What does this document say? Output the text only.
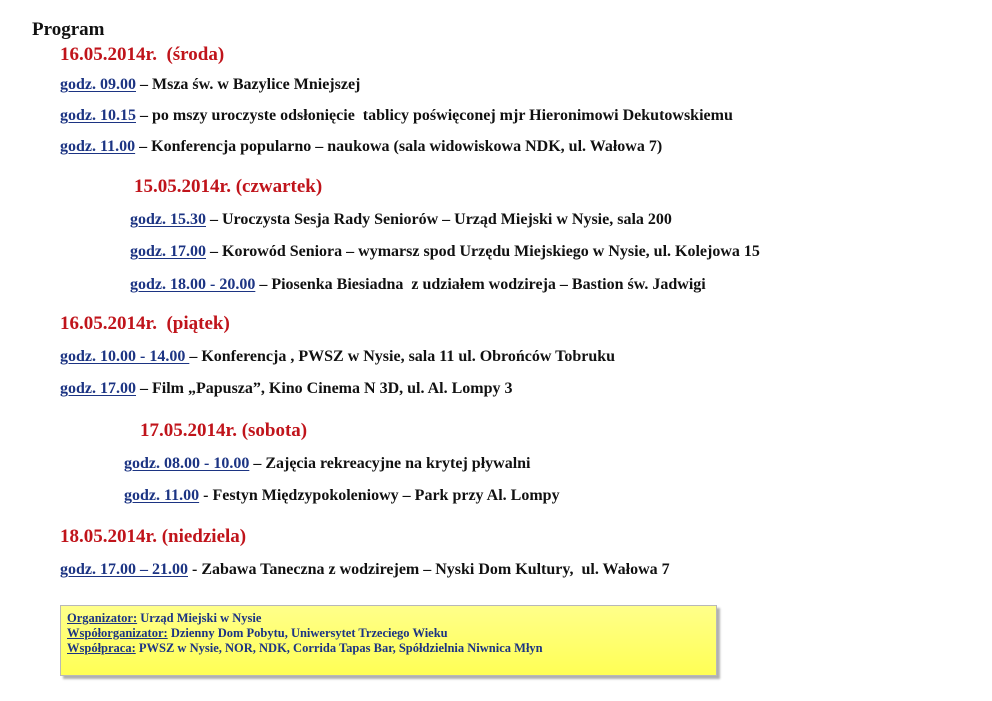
Program
16.05.2014r.  (środa)
godz. 09.00 – Msza św. w Bazylice Mniejszej
godz. 10.15 – po mszy uroczyste odsłonięcie  tablicy poświęconej mjr Hieronimowi Dekutowskiemu
godz. 11.00 – Konferencja popularno – naukowa (sala widowiskowa NDK, ul. Wałowa 7)
15.05.2014r. (czwartek)
godz. 15.30 – Uroczysta Sesja Rady Seniorów – Urząd Miejski w Nysie, sala 200
godz. 17.00 – Korowód Seniora – wymarsz spod Urzędu Miejskiego w Nysie, ul. Kolejowa 15
godz. 18.00 - 20.00 – Piosenka Biesiadna  z udziałem wodzireja – Bastion św. Jadwigi
16.05.2014r.  (piątek)
godz. 10.00 - 14.00 – Konferencja , PWSZ w Nysie, sala 11 ul. Obrońców Tobruku
godz. 17.00 – Film „Papusza”, Kino Cinema N 3D, ul. Al. Lompy 3
17.05.2014r. (sobota)
godz. 08.00 - 10.00 – Zajęcia rekreacyjne na krytej pływalni
godz. 11.00 - Festyn Międzypokoleniowy – Park przy Al. Lompy
18.05.2014r. (niedziela)
godz. 17.00 – 21.00 - Zabawa Taneczna z wodzirejem – Nyski Dom Kultury,  ul. Wałowa 7
Organizator: Urząd Miejski w Nysie
Współorganizator: Dzienny Dom Pobytu, Uniwersytet Trzeciego Wieku
Współpraca: PWSZ w Nysie, NOR, NDK, Corrida Tapas Bar, Spółdzielnia Niwnica Młyn
